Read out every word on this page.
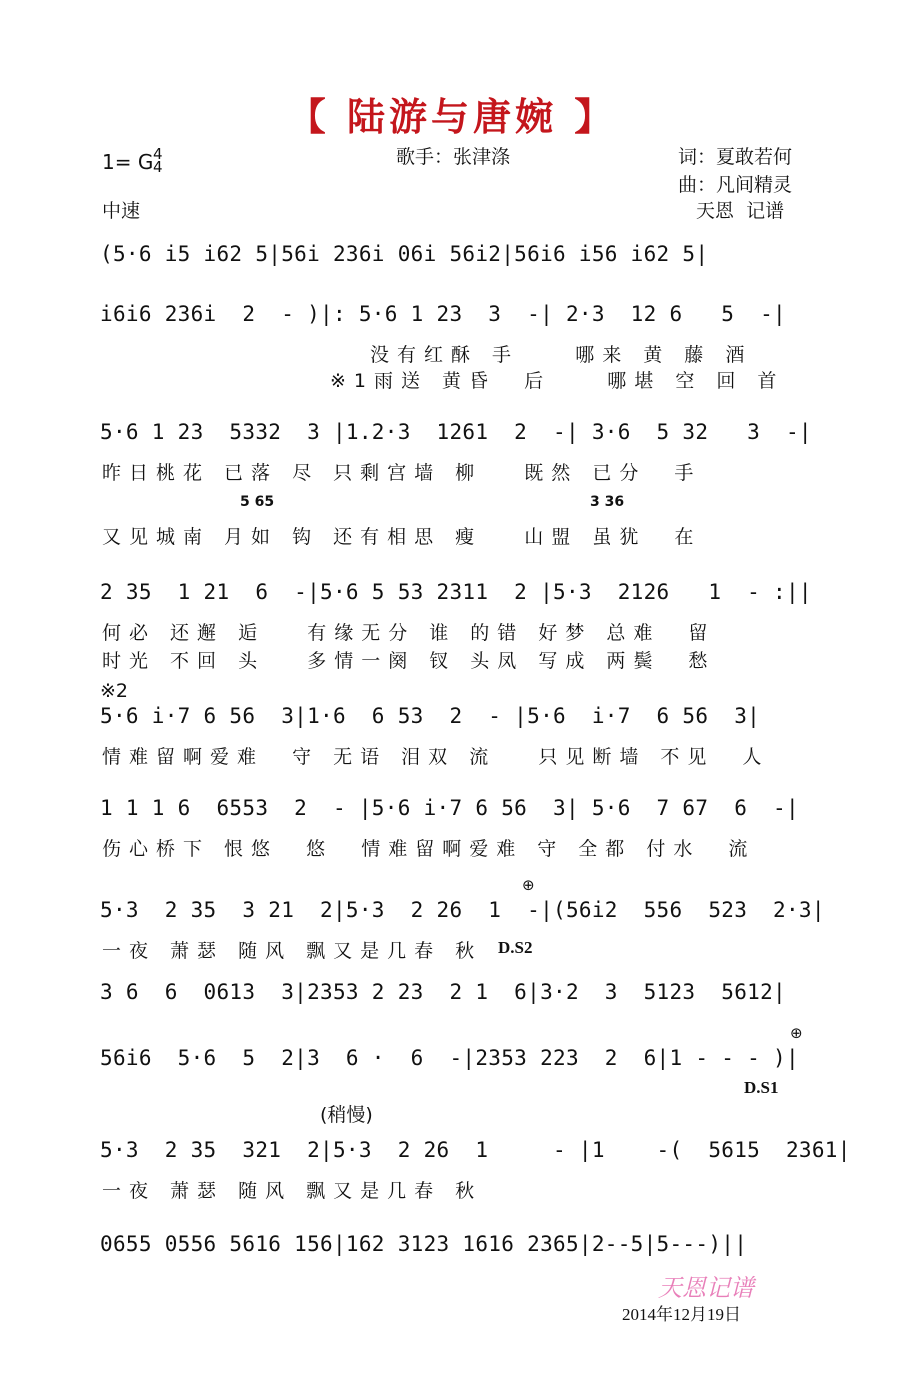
【 陆游与唐婉 】
歌手：张津涤	词：夏敢若何
曲：凡间精灵
天恩  记谱
1= G 4
4
中速
(5·6 i5 i62 5|56i 236i 06i 56i2|56i6 i56 i62 5|
i6i6 236i  2  - )|: 5·6 1 23  3  -| 2·3  12 6   5  -|
没有红酥 手    哪来 黄 藤 酒
※1雨送 黄昏  后    哪堪 空 回 首
5·6 1 23  5332  3 |1.2·3  1261  2  -| 3·6  5 32   3  -|
昨日桃花 已落 尽 只剩宫墙 柳   既然 已分  手
5 65	3 36
又见城南 月如 钩 还有相思 瘦   山盟 虽犹  在
2 35  1 21  6  -|5·6 5 53 2311  2 |5·3  2126   1  - :||
何必 还邂 逅   有缘无分 谁 的错 好梦 总难  留
时光 不回 头   多情一阕 钗 头凤 写成 两鬓  愁
※2
5·6 i·7 6 56  3|1·6  6 53  2  - |5·6  i·7  6 56  3|
情难留啊爱难  守 无语 泪双 流   只见断墙 不见  人
1 1 1 6  6553  2  - |5·6 i·7 6 56  3| 5·6  7 67  6  -|
伤心桥下 恨悠  悠  情难留啊爱难 守 全都 付水  流
⊕
5·3  2 35  3 21  2|5·3  2 26  1  -|(56i2  556  523  2·3|
一夜 萧瑟 随风 飘又是几春 秋 D.S2
3 6  6  0613  3|2353 2 23  2 1  6|3·2  3  5123  5612|
⊕
56i6  5·6  5  2|3  6 ·  6  -|2353 223  2  6|1 - - - )|
D.S1
(稍慢)
5·3  2 35  321  2|5·3  2 26  1     - |1    -(  5615  2361|
一夜 萧瑟 随风 飘又是几春 秋
0655 0556 5616 156|162 3123 1616 2365|2--5|5---)||
天恩记谱
2014年12月19日
